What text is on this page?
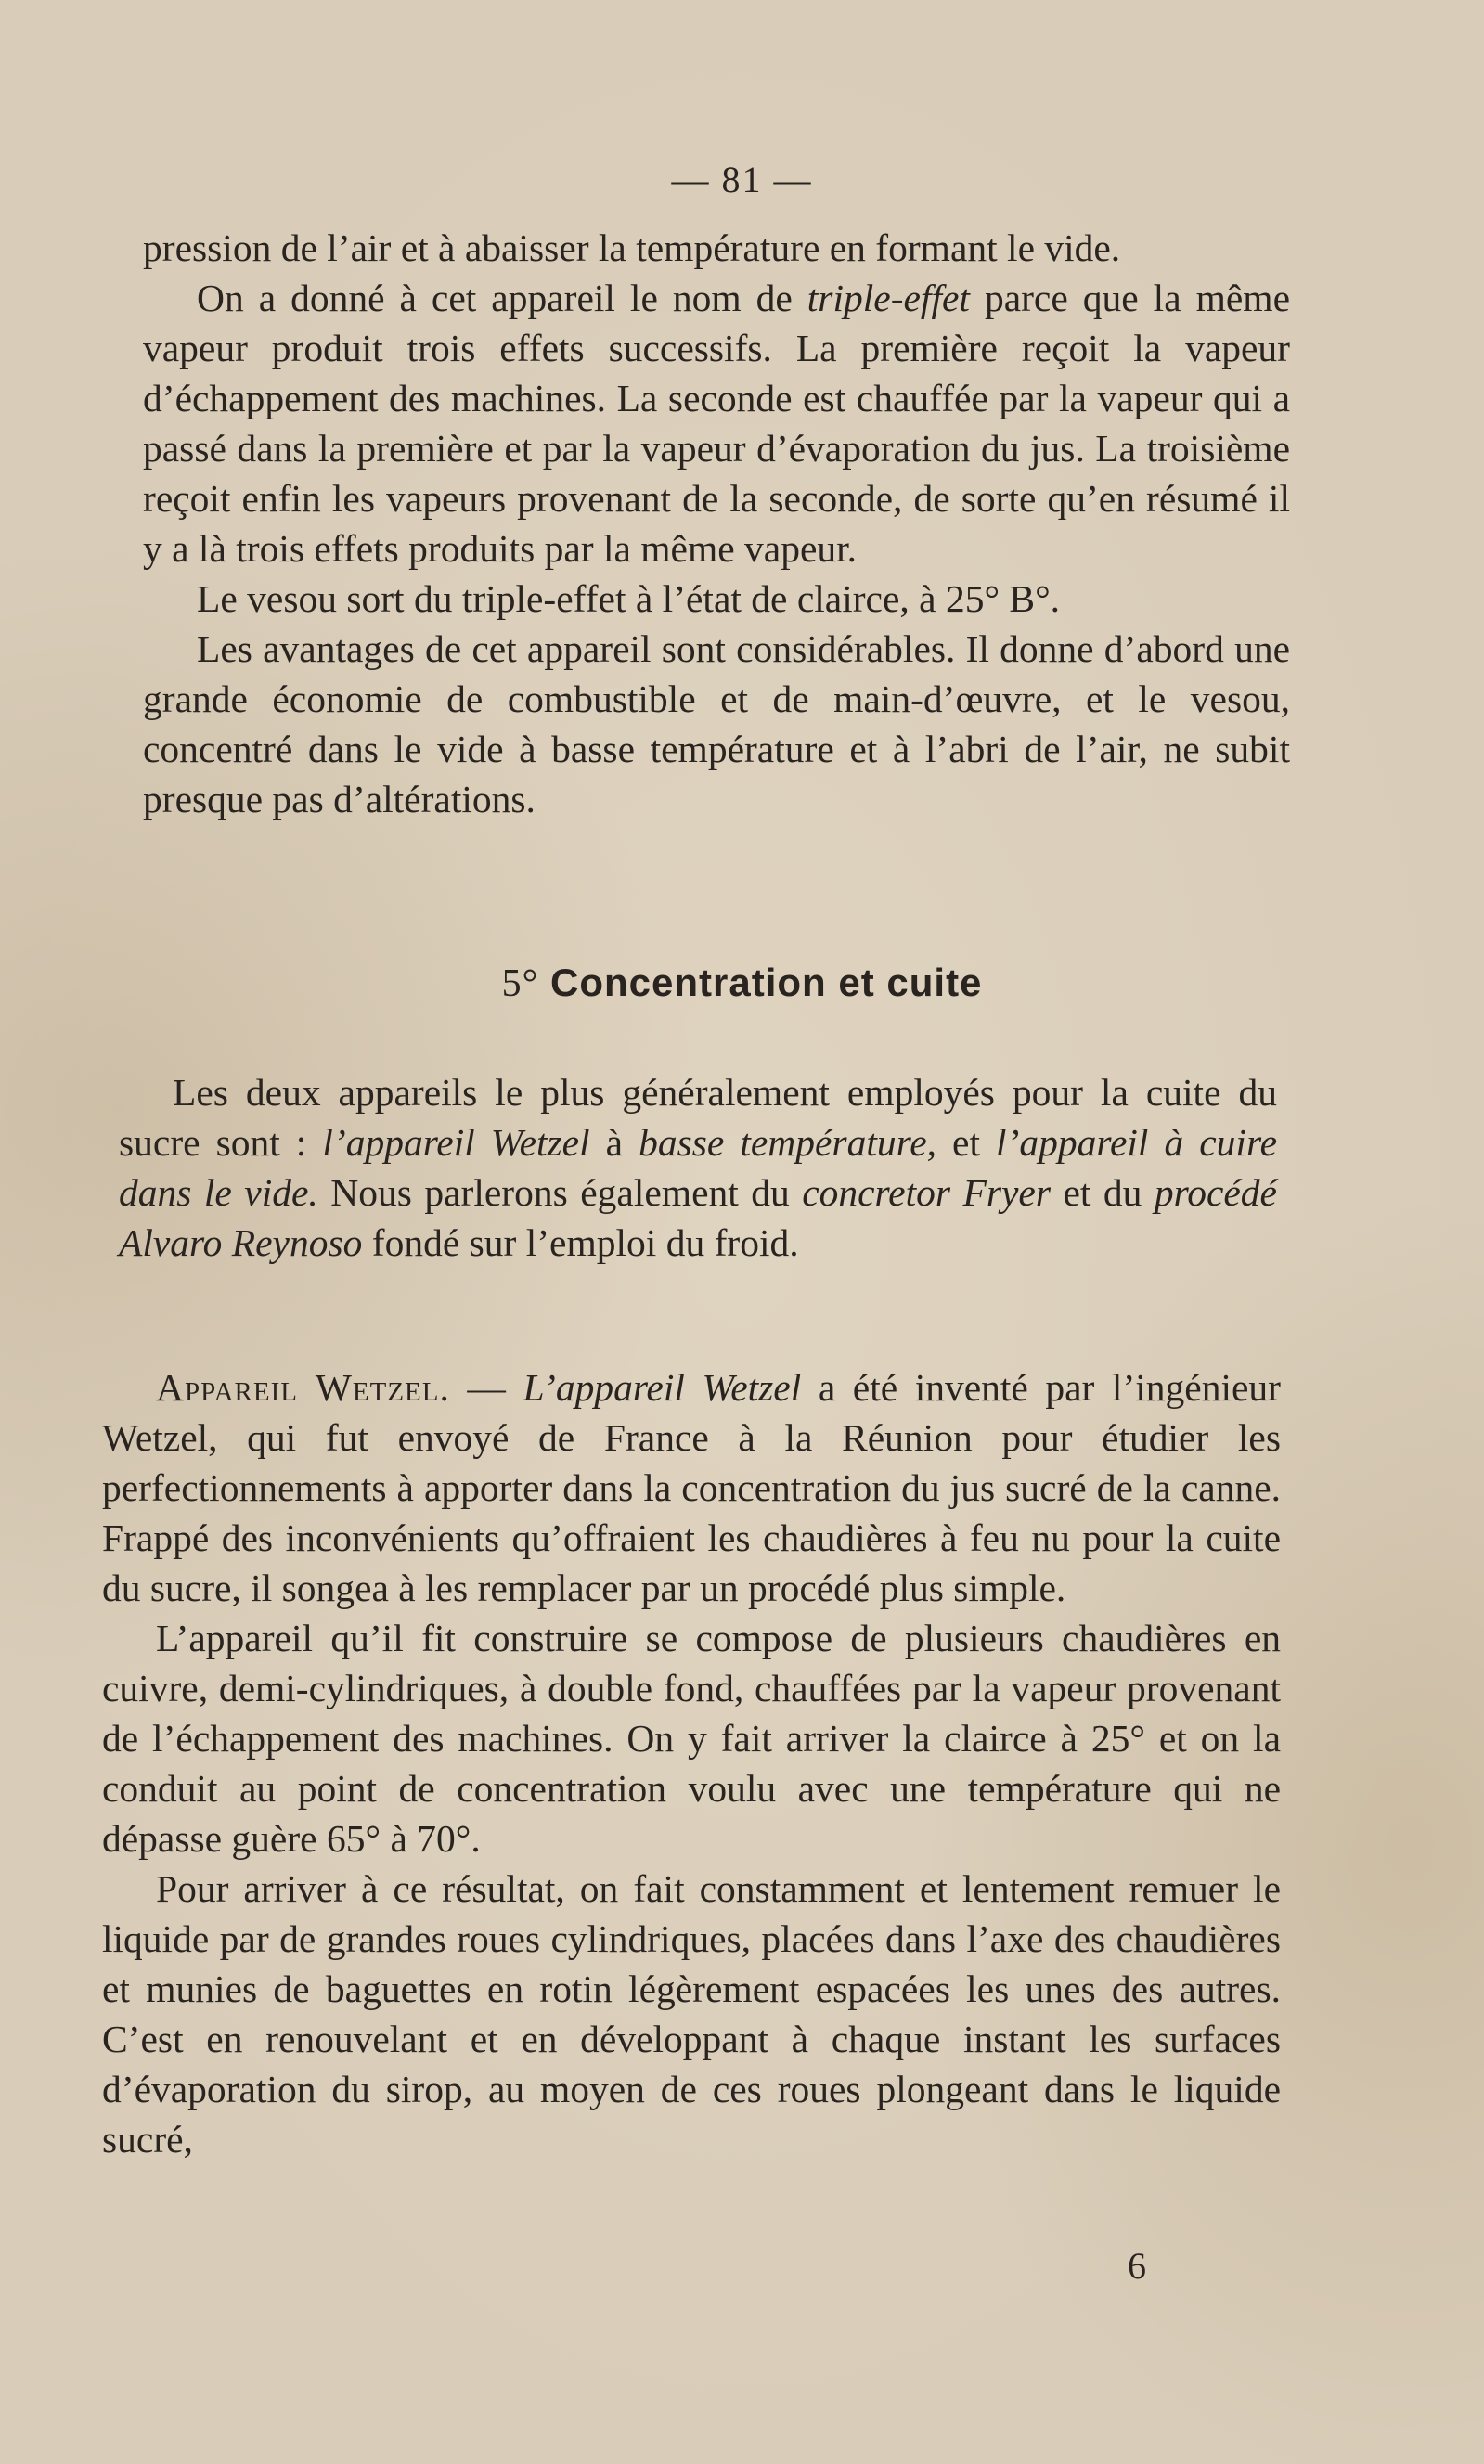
— 81 —

pression de l’air et à abaisser la température en formant le vide.

On a donné à cet appareil le nom de triple-effet parce que la même vapeur produit trois effets successifs. La première reçoit la vapeur d’échappement des machines. La seconde est chauffée par la vapeur qui a passé dans la première et par la vapeur d’évaporation du jus. La troisième reçoit enfin les vapeurs provenant de la seconde, de sorte qu’en résumé il y a là trois effets produits par la même vapeur.

Le vesou sort du triple-effet à l’état de clairce, à 25° B°.

Les avantages de cet appareil sont considérables. Il donne d’abord une grande économie de combustible et de main-d’œuvre, et le vesou, concentré dans le vide à basse température et à l’abri de l’air, ne subit presque pas d’altérations.

5° Concentration et cuite

Les deux appareils le plus généralement employés pour la cuite du sucre sont : l’appareil Wetzel à basse température, et l’appareil à cuire dans le vide. Nous parlerons également du concretor Fryer et du procédé Alvaro Reynoso fondé sur l’emploi du froid.

Appareil Wetzel. — L’appareil Wetzel a été inventé par l’ingénieur Wetzel, qui fut envoyé de France à la Réunion pour étudier les perfectionnements à apporter dans la concentration du jus sucré de la canne. Frappé des inconvénients qu’offraient les chaudières à feu nu pour la cuite du sucre, il songea à les remplacer par un procédé plus simple.

L’appareil qu’il fit construire se compose de plusieurs chaudières en cuivre, demi-cylindriques, à double fond, chauffées par la vapeur provenant de l’échappement des machines. On y fait arriver la clairce à 25° et on la conduit au point de concentration voulu avec une température qui ne dépasse guère 65° à 70°.

Pour arriver à ce résultat, on fait constamment et lentement remuer le liquide par de grandes roues cylindriques, placées dans l’axe des chaudières et munies de baguettes en rotin légèrement espacées les unes des autres. C’est en renouvelant et en développant à chaque instant les surfaces d’évaporation du sirop, au moyen de ces roues plongeant dans le liquide sucré,

6
